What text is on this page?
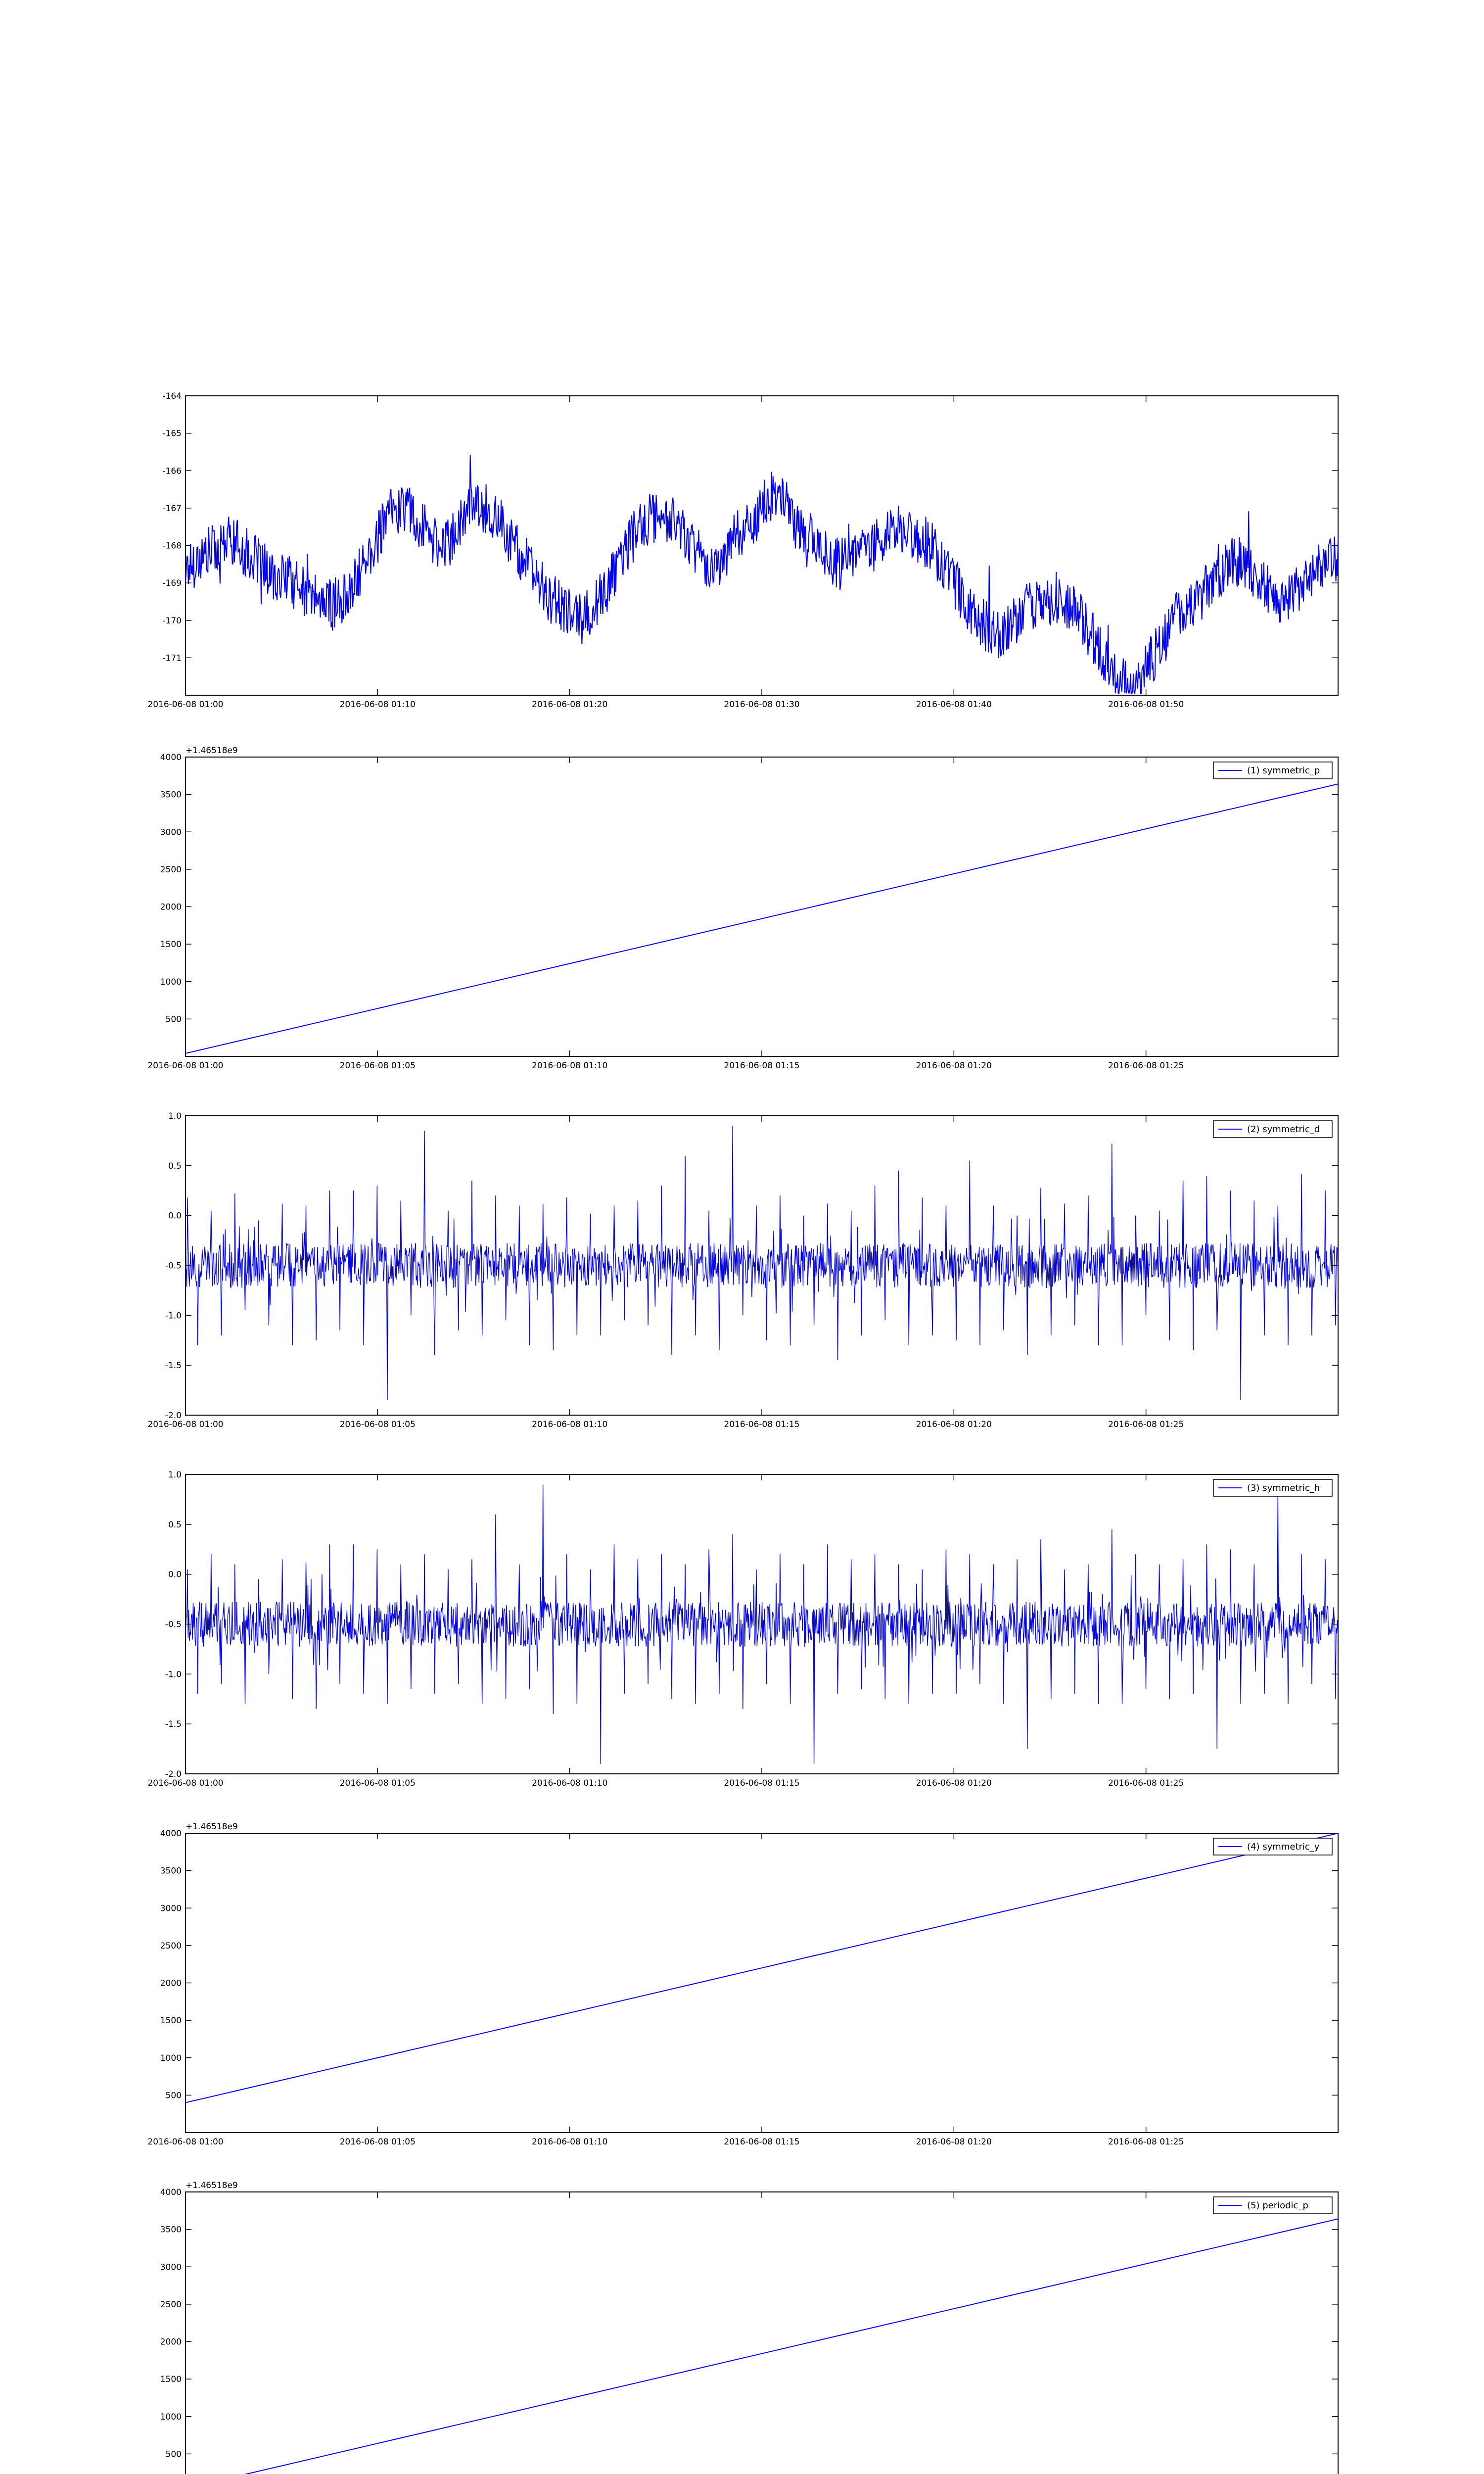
-164
-165
-166
-167
-168
-169
-170
-171
2016-06-08 01:00	2016-06-08 01:10	2016-06-08 01:20	2016-06-08 01:30	2016-06-08 01:40	2016-06-08 01:50
4000
3500
3000
2500
2000
1500
1000
500
2016-06-08 01:00	2016-06-08 01:05	2016-06-08 01:10	2016-06-08 01:15	2016-06-08 01:20	2016-06-08 01:25
+1.46518e9
(1) symmetric_p
1.0
0.5
0.0
-0.5
-1.0
-1.5
-2.0
2016-06-08 01:00	2016-06-08 01:05	2016-06-08 01:10	2016-06-08 01:15	2016-06-08 01:20	2016-06-08 01:25
(2) symmetric_d
1.0
0.5
0.0
-0.5
-1.0
-1.5
-2.0
2016-06-08 01:00	2016-06-08 01:05	2016-06-08 01:10	2016-06-08 01:15	2016-06-08 01:20	2016-06-08 01:25
(3) symmetric_h
4000
3500
3000
2500
2000
1500
1000
500
2016-06-08 01:00	2016-06-08 01:05	2016-06-08 01:10	2016-06-08 01:15	2016-06-08 01:20	2016-06-08 01:25
+1.46518e9
(4) symmetric_y
4000
3500
3000
2500
2000
1500
1000
500
+1.46518e9
(5) periodic_p
